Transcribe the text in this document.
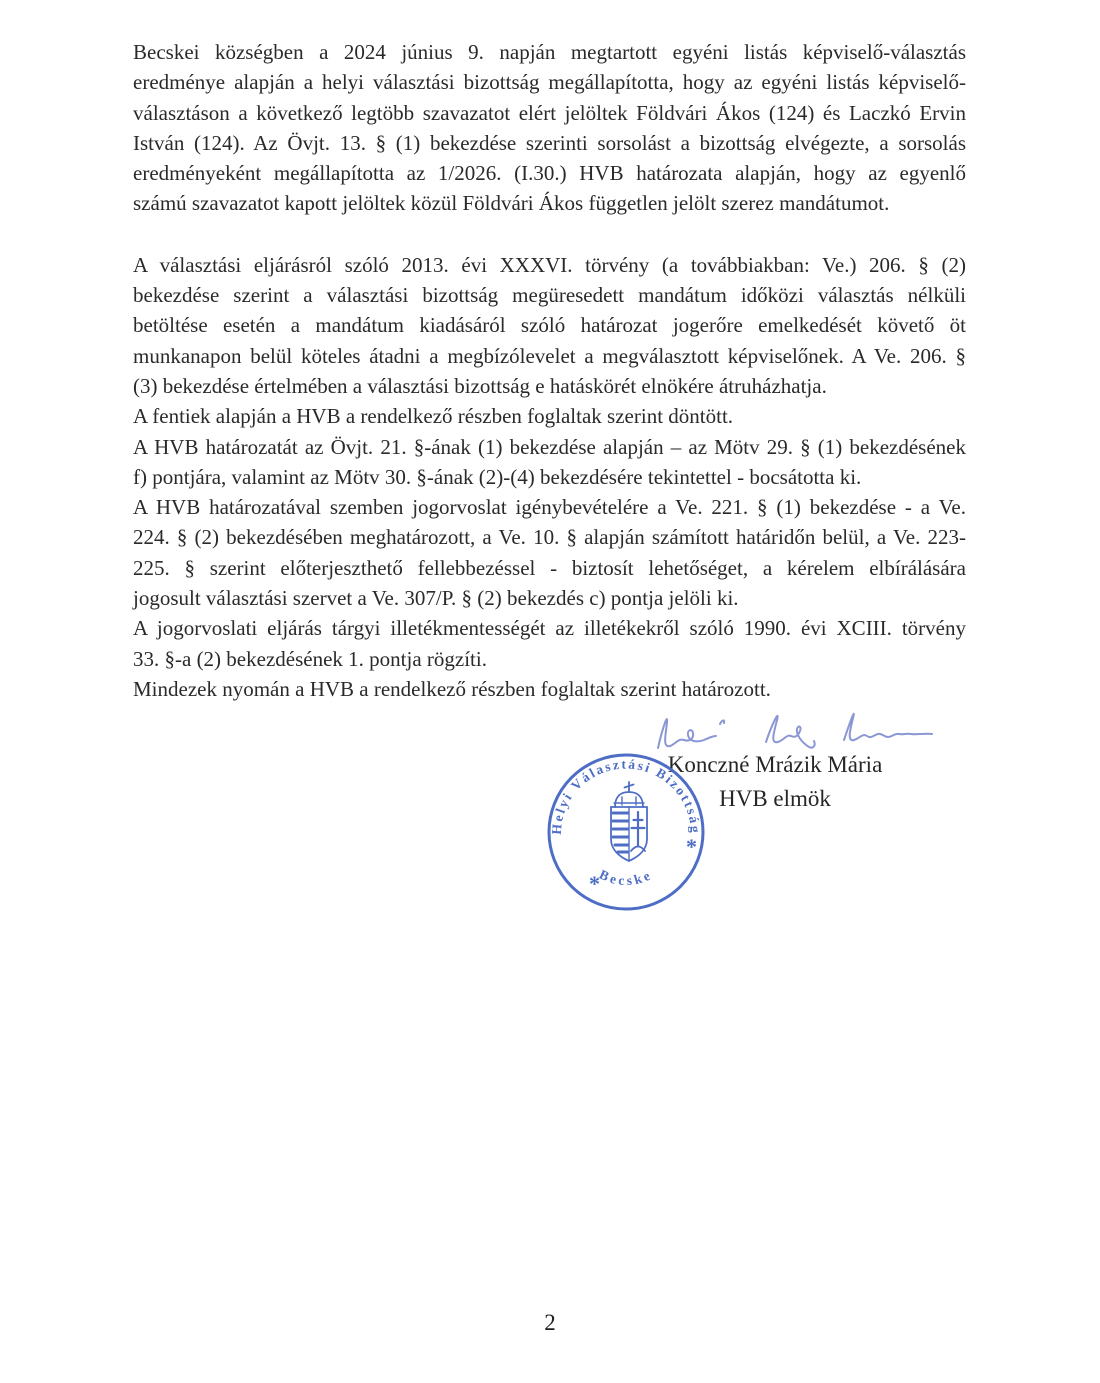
Becskei községben a 2024 június 9. napján megtartott egyéni listás képviselő-választás
eredménye alapján a helyi választási bizottság megállapította, hogy az egyéni listás képviselő-
választáson a következő legtöbb szavazatot elért jelöltek Földvári Ákos (124) és Laczkó Ervin
István (124). Az Övjt. 13. § (1) bekezdése szerinti sorsolást a bizottság elvégezte, a sorsolás
eredményeként megállapította az 1/2026. (I.30.) HVB határozata alapján, hogy az egyenlő
számú szavazatot kapott jelöltek közül Földvári Ákos független jelölt szerez mandátumot.
A választási eljárásról szóló 2013. évi XXXVI. törvény (a továbbiakban: Ve.) 206. § (2)
bekezdése szerint a választási bizottság megüresedett mandátum időközi választás nélküli
betöltése esetén a mandátum kiadásáról szóló határozat jogerőre emelkedését követő öt
munkanapon belül köteles átadni a megbízólevelet a megválasztott képviselőnek. A Ve. 206. §
(3) bekezdése értelmében a választási bizottság e hatáskörét elnökére átruházhatja.
A fentiek alapján a HVB a rendelkező részben foglaltak szerint döntött.
A HVB határozatát az Övjt. 21. §-ának (1) bekezdése alapján – az Mötv 29. § (1) bekezdésének
f) pontjára, valamint az Mötv 30. §-ának (2)-(4) bekezdésére tekintettel - bocsátotta ki.
A HVB határozatával szemben jogorvoslat igénybevételére a Ve. 221. § (1) bekezdése - a Ve.
224. § (2) bekezdésében meghatározott, a Ve. 10. § alapján számított határidőn belül, a Ve. 223-
225. § szerint előterjeszthető fellebbezéssel - biztosít lehetőséget, a kérelem elbírálására
jogosult választási szervet a Ve. 307/P. § (2) bekezdés c) pontja jelöli ki.
A jogorvoslati eljárás tárgyi illetékmentességét az illetékekről szóló 1990. évi XCIII. törvény
33. §-a (2) bekezdésének 1. pontja rögzíti.
Mindezek nyomán a HVB a rendelkező részben foglaltak szerint határozott.
Konczné Mrázik Mária
HVB elmök
Helyi Választási Bizottság
Becske
*
*
2
